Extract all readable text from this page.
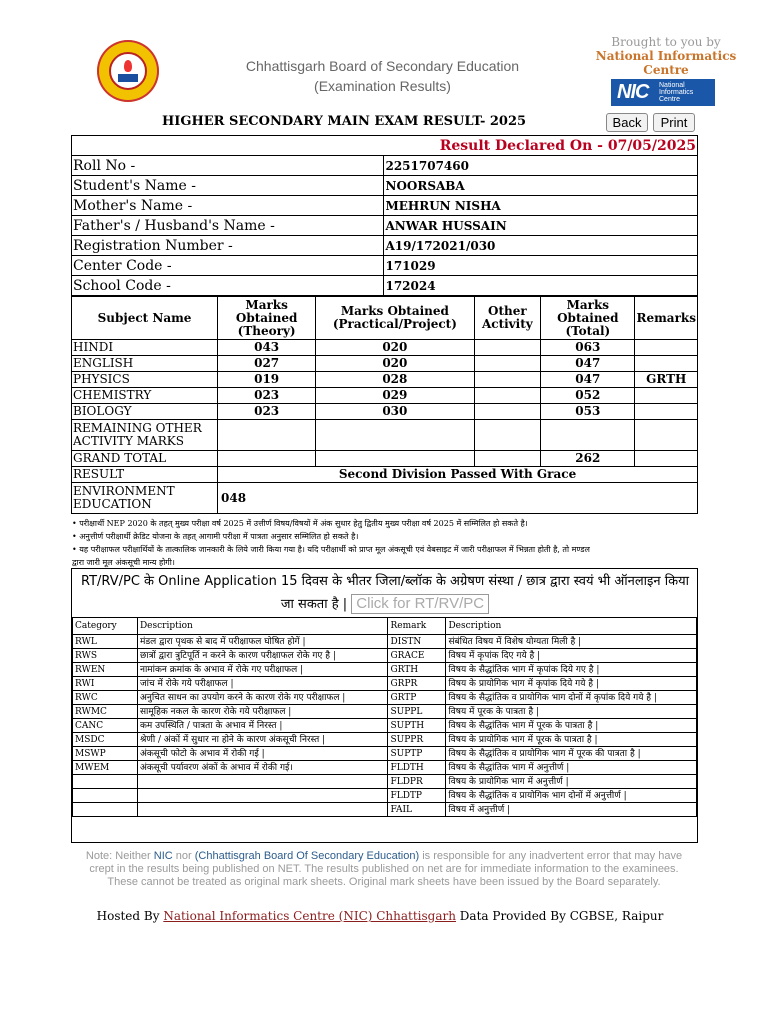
Chhattisgarh Board of Secondary Education
(Examination Results)
Brought to you by
National Informatics Centre
NIC National Informatics Centre
HIGHER SECONDARY MAIN EXAM RESULT- 2025	Back	Print
Result Declared On - 07/05/2025	
Roll No -	2251707460
Student's Name -	NOORSABA
Mother's Name -	MEHRUN NISHA
Father's / Husband's Name -	ANWAR HUSSAIN
Registration Number -	A19/172021/030
Center Code -	171029
School Code -	172024
Subject Name	Marks Obtained (Theory)	Marks Obtained (Practical/Project)	Other Activity	Marks Obtained (Total)	Remarks
HINDI	043	020		063	
ENGLISH	027	020		047	
PHYSICS	019	028		047	GRTH
CHEMISTRY	023	029		052	
BIOLOGY	023	030		053	
REMAINING OTHER ACTIVITY MARKS					
GRAND TOTAL				262	
RESULT	Second Division Passed With Grace				
ENVIRONMENT EDUCATION	048				
• परीक्षार्थी NEP 2020 के तहत् मुख्य परीक्षा वर्ष 2025 में उत्तीर्ण विषय/विषयों में अंक सुधार हेतु द्वितीय मुख्य परीक्षा वर्ष 2025 में सम्मिलित हो सकते है।
• अनुत्तीर्ण परीक्षार्थी क्रेडिट योजना के तहत् आगामी परीक्षा में पात्रता अनुसार सम्मिलित हो सकते है।
• यह परीक्षाफल परीक्षार्थियों के तात्कालिक जानकारी के लिये जारी किया गया है। यदि परीक्षार्थी को प्राप्त मूल अंकसूची एवं वेबसाइट में जारी परीक्षाफल में भिन्नता होती है, तो मण्डल
द्वारा जारी मूल अंकसूची मान्य होगी।
RT/RV/PC के Online Application 15 दिवस के भीतर जिला/ब्लॉक के अग्रेषण संस्था / छात्र द्वारा स्वयं भी ऑनलाइन किया जा सकता है | Click for RT/RV/PC
Category	Description	Remark	Description
RWL	मंडल द्वारा पृथक से बाद में परीक्षाफल घोषित होगें |	DISTN	संबंधित विषय में विशेष योग्यता मिली है |
RWS	छात्रों द्वारा त्रुटिपूर्ति न करने के कारण परीक्षाफल रोके गए है |	GRACE	विषय में कृपांक दिए गये है |
RWEN	नामांकन क्रमांक के अभाव में रोके गए परीक्षाफल |	GRTH	विषय के सैद्धांतिक भाग में कृपांक दिये गए है |
RWI	जांच में रोके गये परीक्षाफल |	GRPR	विषय के प्रायोगिक भाग में कृपांक दिये गये है |
RWC	अनुचित साधन का उपयोग करने के कारण रोके गए परीक्षाफल |	GRTP	विषय के सैद्धांतिक व प्रायोगिक भाग दोनों में कृपांक दिये गये है |
RWMC	सामूहिक नकल के कारण रोके गये परीक्षाफल |	SUPPL	विषय में पूरक के पात्रता है |
CANC	कम उपस्थिति / पात्रता के अभाव में निरस्त |	SUPTH	विषय के सैद्धांतिक भाग में पूरक के पात्रता है |
MSDC	श्रेणी / अंकों में सुधार ना होने के कारण अंकसूची निरस्त |	SUPPR	विषय के प्रायोगिक भाग में पूरक के पात्रता है |
MSWP	अंकसूची फोटो के अभाव में रोकी गई |	SUPTP	विषय के सैद्धांतिक व प्रायोगिक भाग में पूरक की पात्रता है |
MWEM	अंकसूची पर्यावरण अंकों के अभाव में रोकी गई।	FLDTH	विषय के सैद्धांतिक भाग में अनुत्तीर्ण |
		FLDPR	विषय के प्रायोगिक भाग में अनुत्तीर्ण |
		FLDTP	विषय के सैद्धांतिक व प्रायोगिक भाग दोनों में अनुत्तीर्ण |
		FAIL	विषय में अनुत्तीर्ण |
Note: Neither NIC nor (Chhattisgrah Board Of Secondary Education) is responsible for any inadvertent error that may have crept in the results being published on NET. The results published on net are for immediate information to the examinees. These cannot be treated as original mark sheets. Original mark sheets have been issued by the Board separately.
Hosted By National Informatics Centre (NIC) Chhattisgarh Data Provided By CGBSE, Raipur
